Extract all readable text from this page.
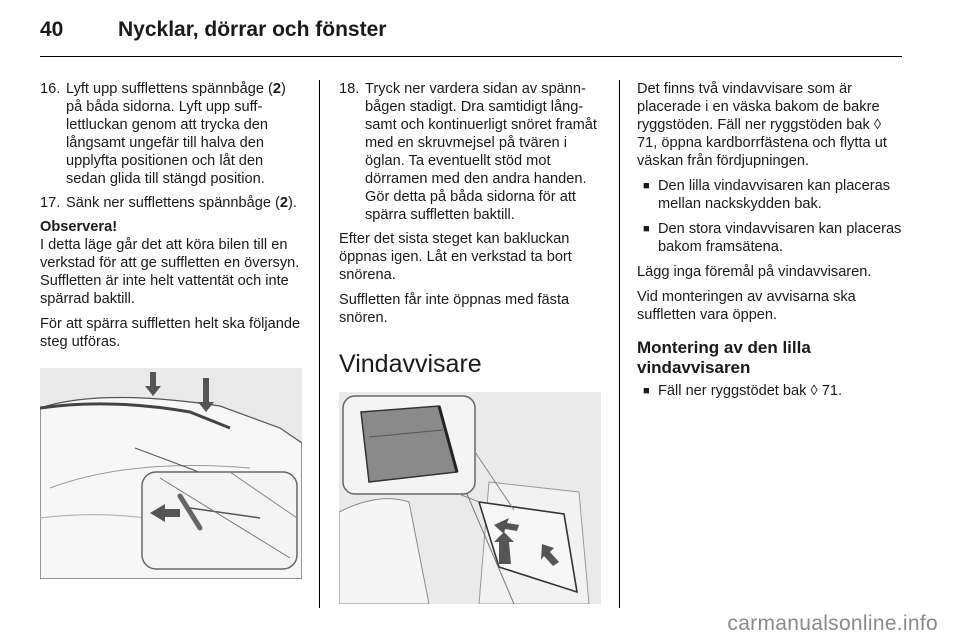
40	Nycklar, dörrar och fönster
16. Lyft upp sufflettens spännbåge (2) på båda sidorna. Lyft upp sufflettluckan genom att trycka den långsamt ungefär till halva den upplyfta positionen och låt den sedan glida till stängd position.
17. Sänk ner sufflettens spännbåge (2).
Observera!

I detta läge går det att köra bilen till en verkstad för att ge suffletten en översyn. Suffletten är inte helt vattentät och inte spärrad baktill.

För att spärra suffletten helt ska följande steg utföras.

18. Tryck ner vardera sidan av spännbågen stadigt. Dra samtidigt långsamt och kontinuerligt snöret framåt med en skruvmejsel på tvären i öglan. Ta eventuellt stöd mot dörramen med den andra handen. Gör detta på båda sidorna för att spärra suffletten baktill.

Efter det sista steget kan bakluckan öppnas igen. Låt en verkstad ta bort snörena.

Suffletten får inte öppnas med fästa snören.

Vindavvisare

Det finns två vindavvisare som är placerade i en väska bakom de bakre ryggstöden. Fäll ner ryggstöden bak ◊ 71, öppna kardborrfästena och flytta ut väskan från fördjupningen.

■ Den lilla vindavvisaren kan placeras mellan nackskydden bak.
■ Den stora vindavvisaren kan placeras bakom framsätena.

Lägg inga föremål på vindavvisaren.

Vid monteringen av avvisarna ska suffletten vara öppen.

Montering av den lilla vindavvisaren
■ Fäll ner ryggstödet bak ◊ 71.
carmanualsonline.info
